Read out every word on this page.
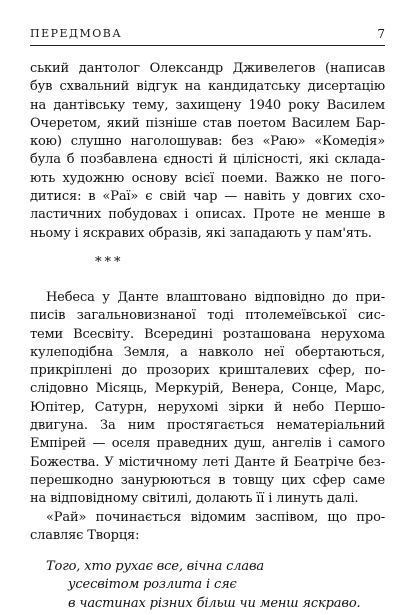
ПЕРЕДМОВА	7
ський дантолог Олександр Дживелегов (написав
був схвальний відгук на кандидатську дисертацію
на дантівську тему, захищену 1940 року Василем
Очеретом, який пізніше став поетом Василем Бар-
кою) слушно наголошував: без «Раю» «Комедія»
була б позбавлена єдності й цілісності, які склада-
ють художню основу всієї поеми. Важко не пого-
дитися: в «Раї» є свій чар — навіть у довгих схо-
ластичних побудовах і описах. Проте не менше в
ньому і яскравих образів, які западають у пам'ять.
***
Небеса у Данте влаштовано відповідно до при-
писів загальновизнаної тоді птолемеївської сис-
теми Всесвіту. Всередині розташована нерухома
кулеподібна Земля, а навколо неї обертаються,
прикріплені до прозорих кришталевих сфер, по-
слідовно Місяць, Меркурій, Венера, Сонце, Марс,
Юпітер, Сатурн, нерухомі зірки й небо Першо-
двигуна. За ним простягається нематеріальний
Емпірей — оселя праведних душ, ангелів і самого
Божества. У містичному леті Данте й Беатріче без-
перешкодно занурюються в товщу цих сфер саме
на відповідному світилі, долають її і линуть далі.
«Рай» починається відомим заспівом, що про-
славляє Творця:
Того, хто рухає все, вічна слава
усесвітом розлита і сяє
в частинах різних більш чи менш яскраво.
